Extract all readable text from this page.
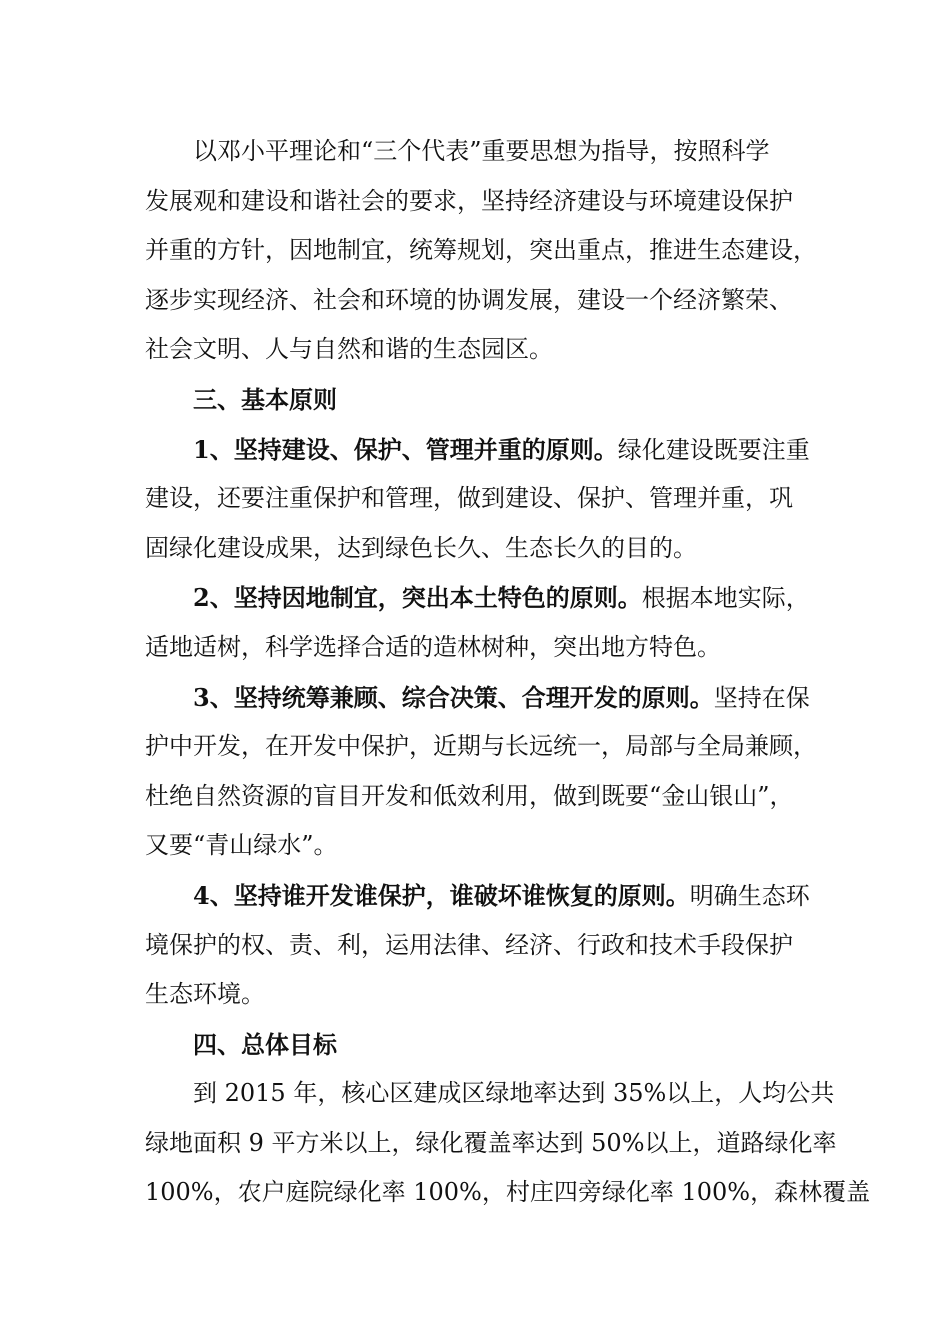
以邓小平理论和“三个代表”重要思想为指导，按照科学
发展观和建设和谐社会的要求，坚持经济建设与环境建设保护
并重的方针，因地制宜，统筹规划，突出重点，推进生态建设，
逐步实现经济、社会和环境的协调发展，建设一个经济繁荣、
社会文明、人与自然和谐的生态园区。
三、基本原则
1、坚持建设、保护、管理并重的原则。绿化建设既要注重
建设，还要注重保护和管理，做到建设、保护、管理并重，巩
固绿化建设成果，达到绿色长久、生态长久的目的。
2、坚持因地制宜，突出本土特色的原则。根据本地实际，
适地适树，科学选择合适的造林树种，突出地方特色。
3、坚持统筹兼顾、综合决策、合理开发的原则。坚持在保
护中开发，在开发中保护，近期与长远统一，局部与全局兼顾，
杜绝自然资源的盲目开发和低效利用，做到既要“金山银山”，
又要“青山绿水”。
4、坚持谁开发谁保护，谁破坏谁恢复的原则。明确生态环
境保护的权、责、利，运用法律、经济、行政和技术手段保护
生态环境。
四、总体目标
到 2015 年，核心区建成区绿地率达到 35%以上，人均公共
绿地面积 9 平方米以上，绿化覆盖率达到 50%以上，道路绿化率
100%，农户庭院绿化率 100%，村庄四旁绿化率 100%，森林覆盖
